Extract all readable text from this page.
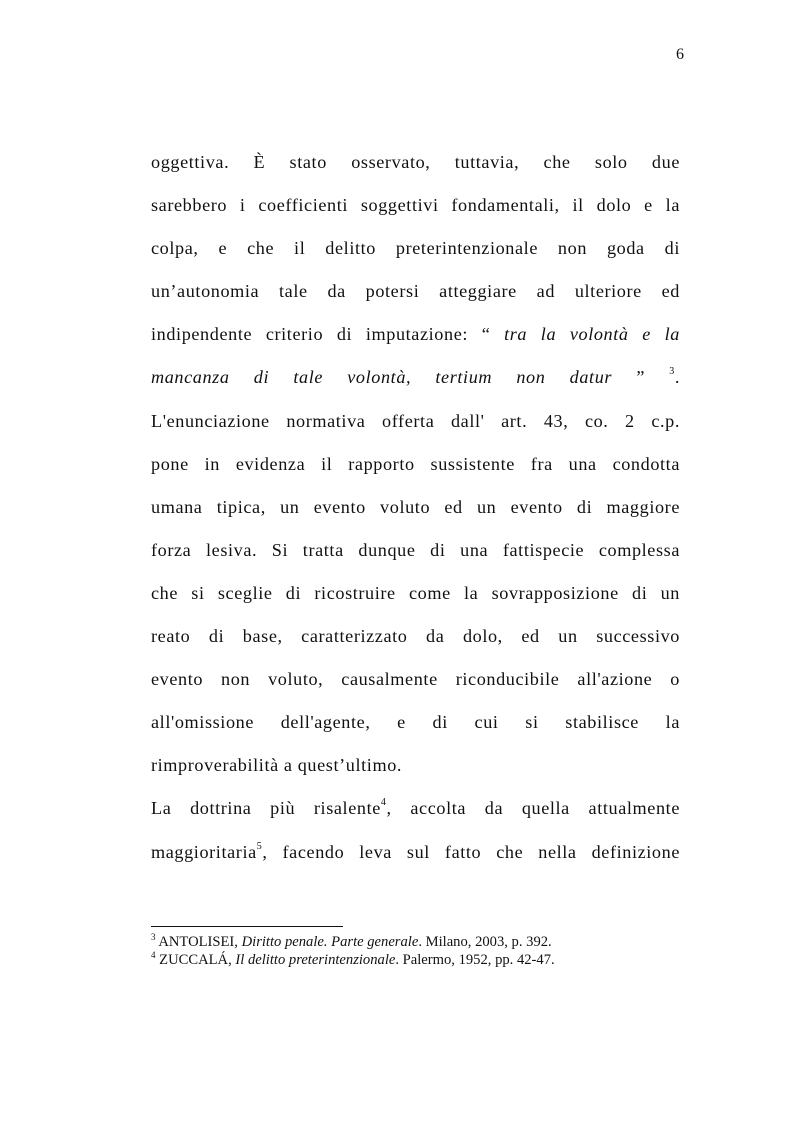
6
oggettiva. È stato osservato, tuttavia, che solo due
sarebbero i coefficienti soggettivi fondamentali, il dolo e la
colpa, e che il delitto preterintenzionale non goda di
un’autonomia tale da potersi atteggiare ad ulteriore ed
indipendente criterio di imputazione: “ tra la volontà e la
mancanza di tale volontà, tertium non datur ” $^3$.
L'enunciazione normativa offerta dall' art. 43, co. 2 c.p.
pone in evidenza il rapporto sussistente fra una condotta
umana tipica, un evento voluto ed un evento di maggiore
forza lesiva. Si tratta dunque di una fattispecie complessa
che si sceglie di ricostruire come la sovrapposizione di un
reato di base, caratterizzato da dolo, ed un successivo
evento non voluto, causalmente riconducibile all'azione o
all'omissione dell'agente, e di cui si stabilisce la
rimproverabilità a quest’ultimo.
La dottrina più risalente$^4$, accolta da quella attualmente
maggioritaria$^5$, facendo leva sul fatto che nella definizione
$^3$ ANTOLISEI, Diritto penale. Parte generale. Milano, 2003, p. 392.
$^4$ ZUCCALÁ, Il delitto preterintenzionale. Palermo, 1952, pp. 42-47.
